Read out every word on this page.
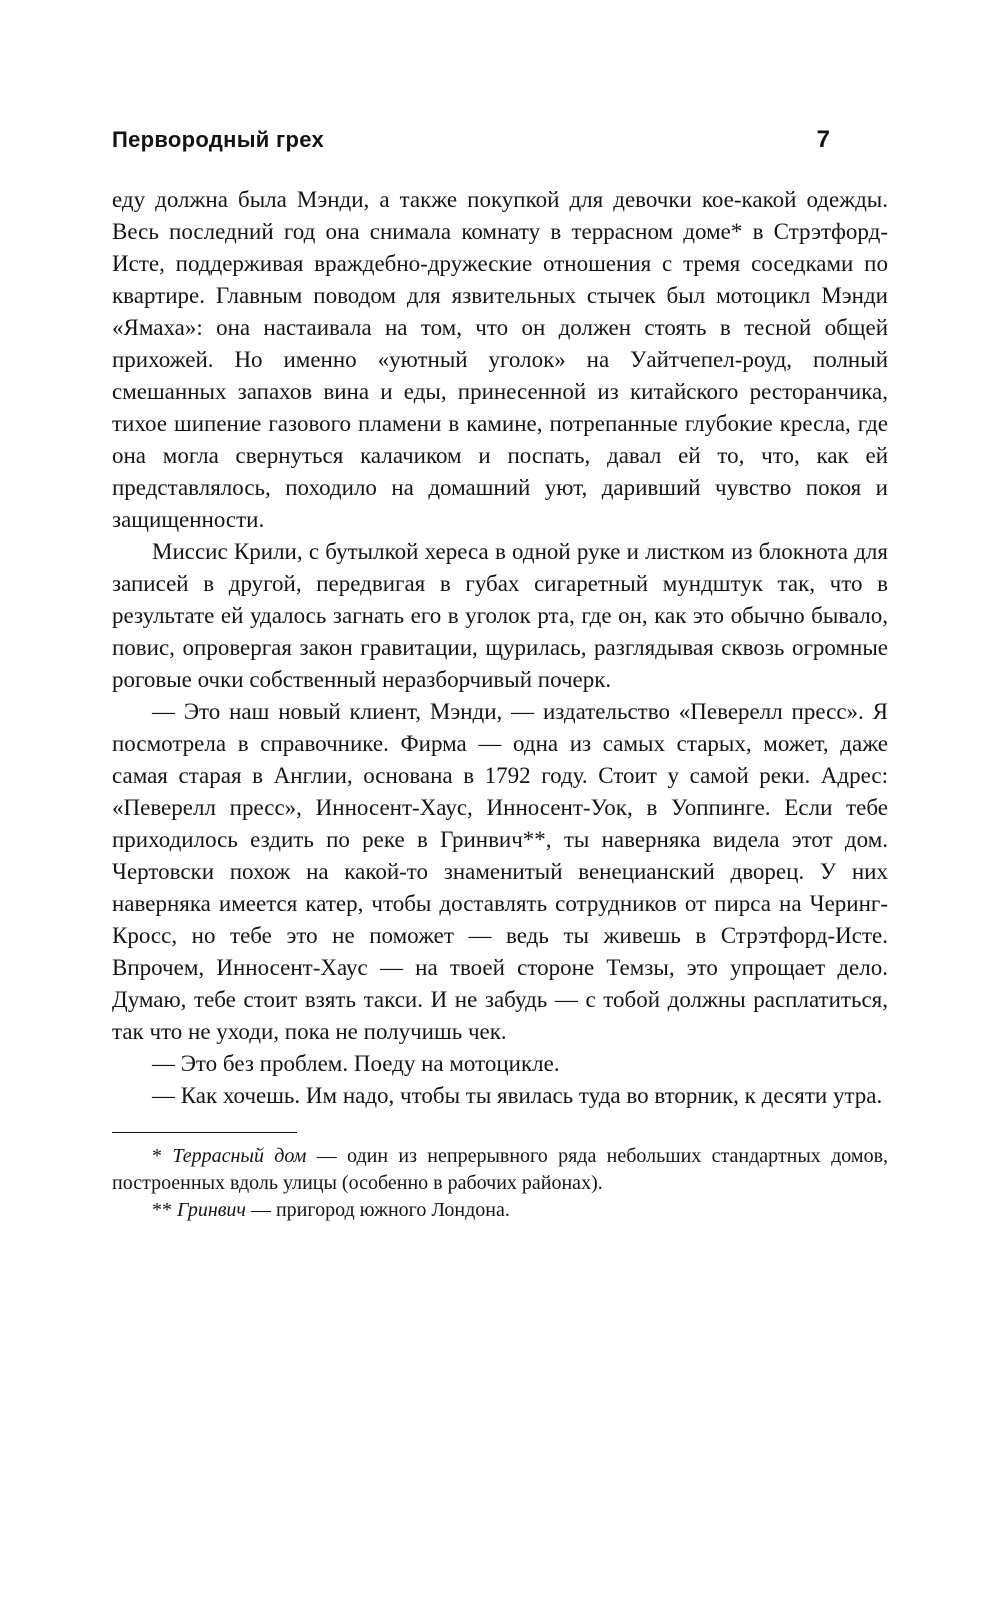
Первородный грех	7

еду должна была Мэнди, а также покупкой для девочки кое-какой одежды. Весь последний год она снимала комнату в террасном доме* в Стрэтфорд-Исте, поддерживая враждебно-дружеские отношения с тремя соседками по квартире. Главным поводом для язвительных стычек был мотоцикл Мэнди «Ямаха»: она настаивала на том, что он должен стоять в тесной общей прихожей. Но именно «уютный уголок» на Уайтчепел-роуд, полный смешанных запахов вина и еды, принесенной из китайского ресторанчика, тихое шипение газового пламени в камине, потрепанные глубокие кресла, где она могла свернуться калачиком и поспать, давал ей то, что, как ей представлялось, походило на домашний уют, даривший чувство покоя и защищенности.

Миссис Крили, с бутылкой хереса в одной руке и листком из блокнота для записей в другой, передвигая в губах сигаретный мундштук так, что в результате ей удалось загнать его в уголок рта, где он, как это обычно бывало, повис, опровергая закон гравитации, щурилась, разглядывая сквозь огромные роговые очки собственный неразборчивый почерк.

— Это наш новый клиент, Мэнди, — издательство «Певерелл пресс». Я посмотрела в справочнике. Фирма — одна из самых старых, может, даже самая старая в Англии, основана в 1792 году. Стоит у самой реки. Адрес: «Певерелл пресс», Инносент-Хаус, Инносент-Уок, в Уоппинге. Если тебе приходилось ездить по реке в Гринвич**, ты наверняка видела этот дом. Чертовски похож на какой-то знаменитый венецианский дворец. У них наверняка имеется катер, чтобы доставлять сотрудников от пирса на Черинг-Кросс, но тебе это не поможет — ведь ты живешь в Стрэтфорд-Исте. Впрочем, Инносент-Хаус — на твоей стороне Темзы, это упрощает дело. Думаю, тебе стоит взять такси. И не забудь — с тобой должны расплатиться, так что не уходи, пока не получишь чек.

— Это без проблем. Поеду на мотоцикле.

— Как хочешь. Им надо, чтобы ты явилась туда во вторник, к десяти утра.

* Террасный дом — один из непрерывного ряда небольших стандартных домов, построенных вдоль улицы (особенно в рабочих районах).

** Гринвич — пригород южного Лондона.
